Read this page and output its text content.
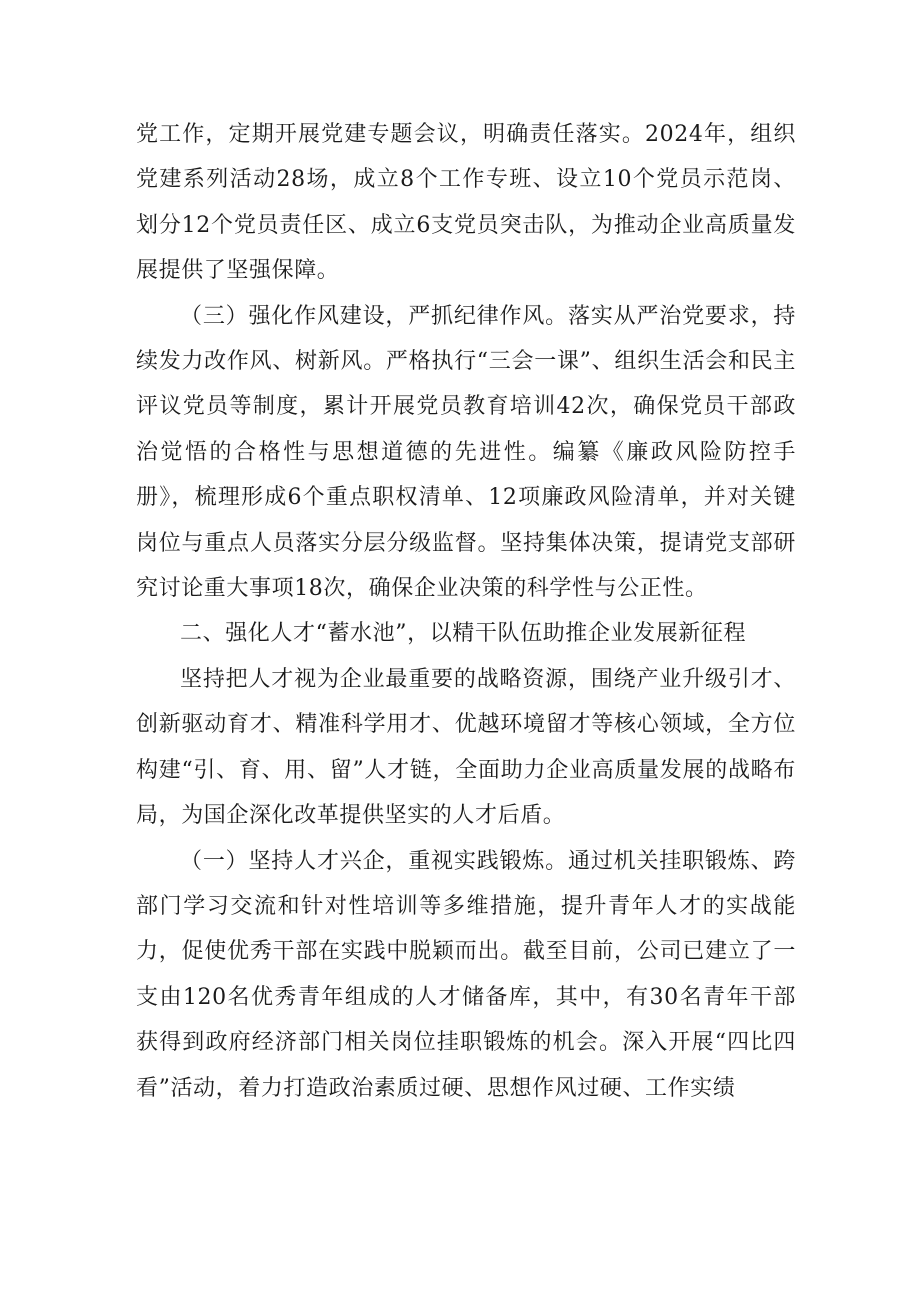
党工作，定期开展党建专题会议，明确责任落实。2024年，组织党建系列活动28场，成立8个工作专班、设立10个党员示范岗、划分12个党员责任区、成立6支党员突击队，为推动企业高质量发展提供了坚强保障。

（三）强化作风建设，严抓纪律作风。落实从严治党要求，持续发力改作风、树新风。严格执行“三会一课”、组织生活会和民主评议党员等制度，累计开展党员教育培训42次，确保党员干部政治觉悟的合格性与思想道德的先进性。编纂《廉政风险防控手册》，梳理形成6个重点职权清单、12项廉政风险清单，并对关键岗位与重点人员落实分层分级监督。坚持集体决策，提请党支部研究讨论重大事项18次，确保企业决策的科学性与公正性。

二、强化人才“蓄水池”，以精干队伍助推企业发展新征程

坚持把人才视为企业最重要的战略资源，围绕产业升级引才、创新驱动育才、精准科学用才、优越环境留才等核心领域，全方位构建“引、育、用、留”人才链，全面助力企业高质量发展的战略布局，为国企深化改革提供坚实的人才后盾。

（一）坚持人才兴企，重视实践锻炼。通过机关挂职锻炼、跨部门学习交流和针对性培训等多维措施，提升青年人才的实战能力，促使优秀干部在实践中脱颖而出。截至目前，公司已建立了一支由120名优秀青年组成的人才储备库，其中，有30名青年干部获得到政府经济部门相关岗位挂职锻炼的机会。深入开展“四比四看”活动，着力打造政治素质过硬、思想作风过硬、工作实绩
